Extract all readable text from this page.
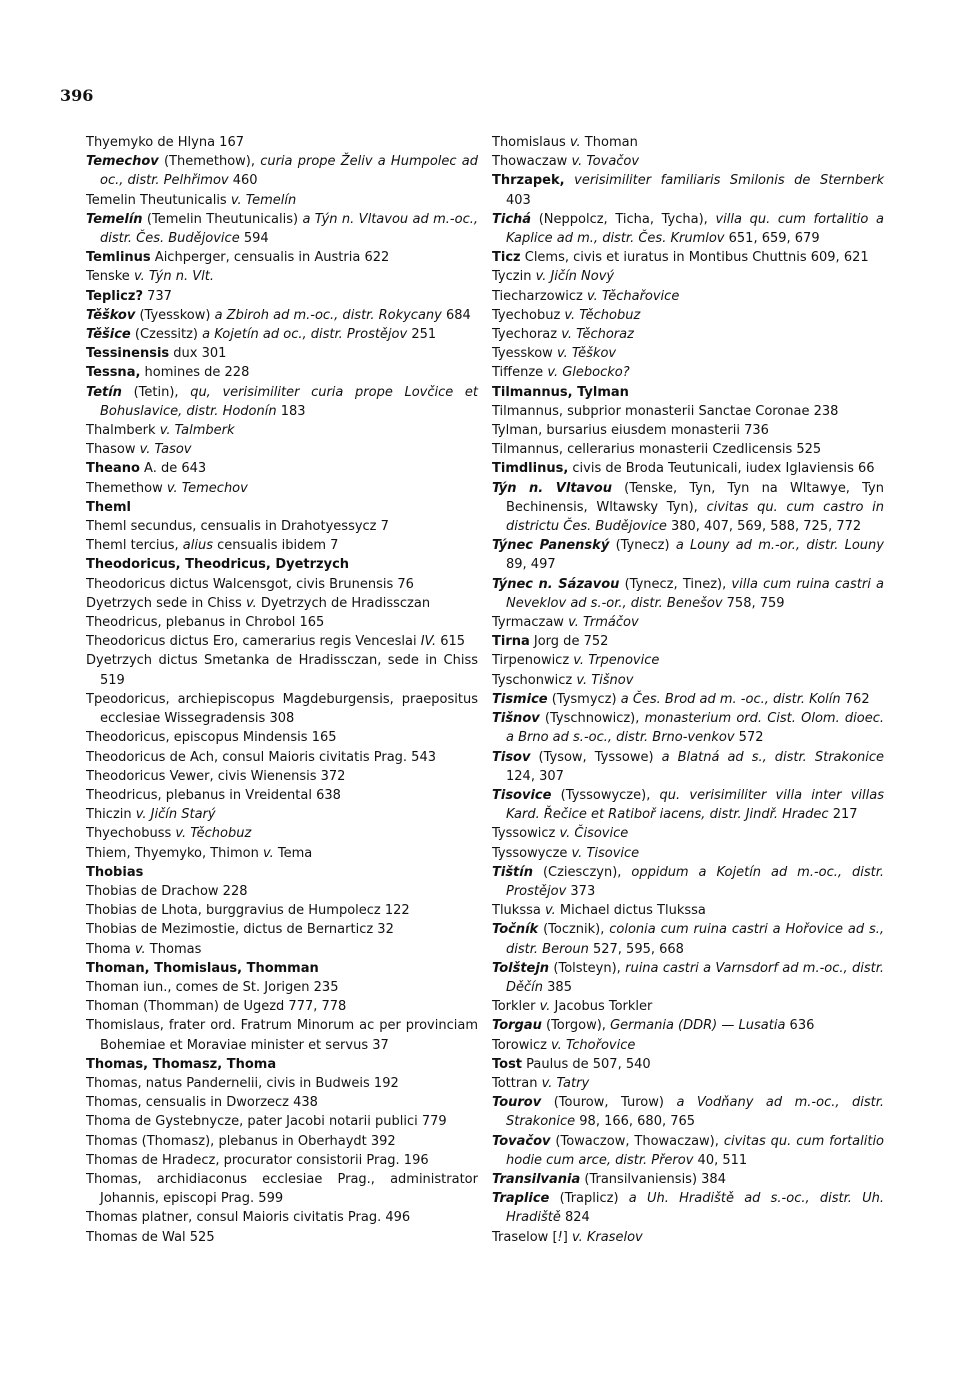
396
Thyemyko de Hlyna 167
Temechov (Themethow), curia prope Želiv a Humpolec ad oc., distr. Pelhřimov 460
Temelin Theutunicalis v. Temelín
Temelín (Temelin Theutunicalis) a Týn n. Vltavou ad m.-oc., distr. Čes. Budějovice 594
Temlinus Aichperger, censualis in Austria 622
Tenske v. Týn n. Vlt.
Teplicz? 737
Těškov (Tyesskow) a Zbiroh ad m.-oc., distr. Rokycany 684
Těšice (Czessitz) a Kojetín ad oc., distr. Prostějov 251
Tessinensis dux 301
Tessna, homines de 228
Tetín (Tetin), qu, verisimiliter curia prope Lovčice et Bohuslavice, distr. Hodonín 183
Thalmberk v. Talmberk
Thasow v. Tasov
Theano A. de 643
Themethow v. Temechov
Theml
Theml secundus, censualis in Drahotyessycz 7
Theml tercius, alius censualis ibidem 7
Theodoricus, Theodricus, Dyetrzych
Theodoricus dictus Walcensgot, civis Brunensis 76
Dyetrzych sede in Chiss v. Dyetrzych de Hradissczan
Theodricus, plebanus in Chrobol 165
Theodoricus dictus Ero, camerarius regis Venceslai IV. 615
Dyetrzych dictus Smetanka de Hradissczan, sede in Chiss 519
Tpeodoricus, archiepiscopus Magdeburgensis, praepositus ecclesiae Wissegradensis 308
Theodoricus, episcopus Mindensis 165
Theodoricus de Ach, consul Maioris civitatis Prag. 543
Theodoricus Vewer, civis Wienensis 372
Theodricus, plebanus in Vreidental 638
Thiczin v. Jičín Starý
Thyechobuss v. Těchobuz
Thiem, Thyemyko, Thimon v. Tema
Thobias
Thobias de Drachow 228
Thobias de Lhota, burggravius de Humpolecz 122
Thobias de Mezimostie, dictus de Bernarticz 32
Thoma v. Thomas
Thoman, Thomislaus, Thomman
Thoman iun., comes de St. Jorigen 235
Thoman (Thomman) de Ugezd 777, 778
Thomislaus, frater ord. Fratrum Minorum ac per provinciam Bohemiae et Moraviae minister et servus 37
Thomas, Thomasz, Thoma
Thomas, natus Pandernelii, civis in Budweis 192
Thomas, censualis in Dworzecz 438
Thoma de Gystebnycze, pater Jacobi notarii publici 779
Thomas (Thomasz), plebanus in Oberhaydt 392
Thomas de Hradecz, procurator consistorii Prag. 196
Thomas, archidiaconus ecclesiae Prag., administrator Johannis, episcopi Prag. 599
Thomas platner, consul Maioris civitatis Prag. 496
Thomas de Wal 525
Thomislaus v. Thoman
Thowaczaw v. Tovačov
Thrzapek, verisimiliter familiaris Smilonis de Sternberk 403
Tichá (Neppolcz, Ticha, Tycha), villa qu. cum fortalitio a Kaplice ad m., distr. Čes. Krumlov 651, 659, 679
Ticz Clems, civis et iuratus in Montibus Chuttnis 609, 621
Tyczin v. Jičín Nový
Tiecharzowicz v. Těchařovice
Tyechobuz v. Těchobuz
Tyechoraz v. Těchoraz
Tyesskow v. Těškov
Tiffenze v. Glebocko?
Tilmannus, Tylman
Tilmannus, subprior monasterii Sanctae Coronae 238
Tylman, bursarius eiusdem monasterii 736
Tilmannus, cellerarius monasterii Czedlicensis 525
Timdlinus, civis de Broda Teutunicali, iudex Iglaviensis 66
Týn n. Vltavou (Tenske, Tyn, Tyn na Wltawye, Tyn Bechinensis, Wltawsky Tyn), civitas qu. cum castro in districtu Čes. Budějovice 380, 407, 569, 588, 725, 772
Týnec Panenský (Tynecz) a Louny ad m.-or., distr. Louny 89, 497
Týnec n. Sázavou (Tynecz, Tinez), villa cum ruina castri a Neveklov ad s.-or., distr. Benešov 758, 759
Tyrmaczaw v. Trmáčov
Tirna Jorg de 752
Tirpenowicz v. Trpenovice
Tyschonwicz v. Tišnov
Tismice (Tysmycz) a Čes. Brod ad m. -oc., distr. Kolín 762
Tišnov (Tyschnowicz), monasterium ord. Cist. Olom. dioec. a Brno ad s.-oc., distr. Brno-venkov 572
Tisov (Tysow, Tyssowe) a Blatná ad s., distr. Strakonice 124, 307
Tisovice (Tyssowycze), qu. verisimiliter villa inter villas Kard. Řečice et Ratiboř iacens, distr. Jindř. Hradec 217
Tyssowicz v. Čisovice
Tyssowycze v. Tisovice
Tištín (Cziesczyn), oppidum a Kojetín ad m.-oc., distr. Prostějov 373
Tlukssa v. Michael dictus Tlukssa
Točník (Tocznik), colonia cum ruina castri a Hořovice ad s., distr. Beroun 527, 595, 668
Tolštejn (Tolsteyn), ruina castri a Varnsdorf ad m.-oc., distr. Děčín 385
Torkler v. Jacobus Torkler
Torgau (Torgow), Germania (DDR) — Lusatia 636
Torowicz v. Tchořovice
Tost Paulus de 507, 540
Tottran v. Tatry
Tourov (Tourow, Turow) a Vodňany ad m.-oc., distr. Strakonice 98, 166, 680, 765
Tovačov (Towaczow, Thowaczaw), civitas qu. cum fortalitio hodie cum arce, distr. Přerov 40, 511
Transilvania (Transilvaniensis) 384
Traplice (Traplicz) a Uh. Hradiště ad s.-oc., distr. Uh. Hradiště 824
Traselow [!] v. Kraselov
